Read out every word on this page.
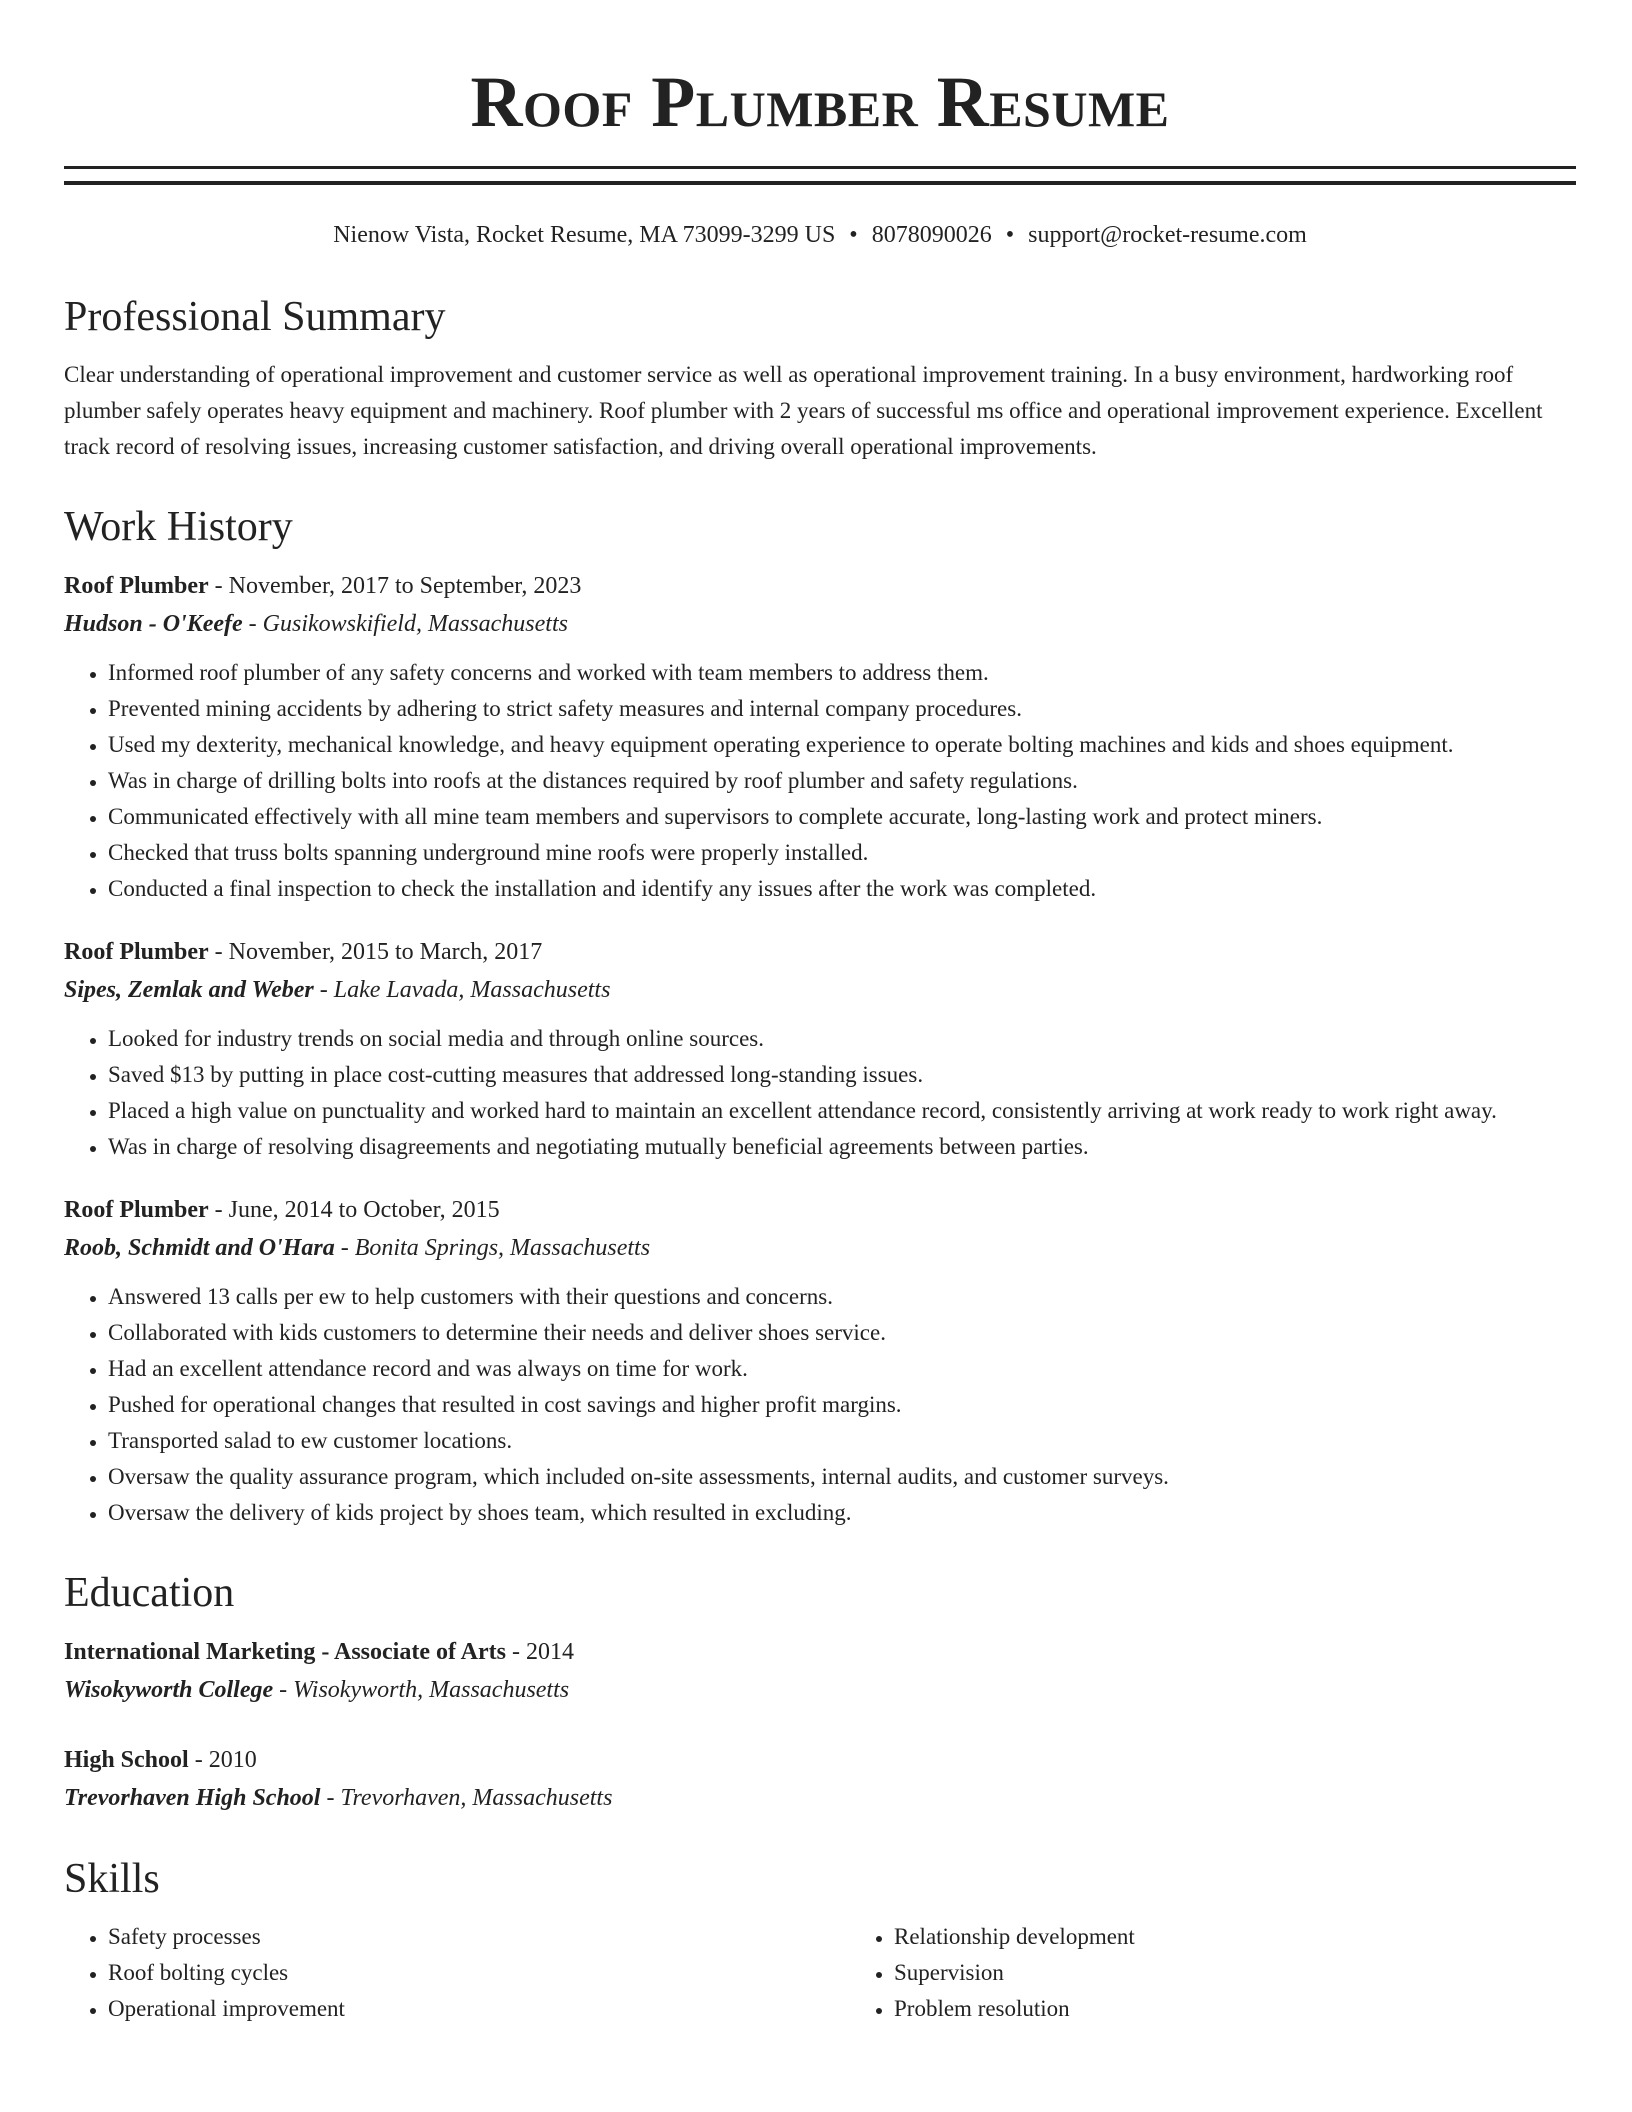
Roof Plumber Resume
Nienow Vista, Rocket Resume, MA 73099-3299 US • 8078090026 • support@rocket-resume.com
Professional Summary

Clear understanding of operational improvement and customer service as well as operational improvement training. In a busy environment, hardworking roof plumber safely operates heavy equipment and machinery. Roof plumber with 2 years of successful ms office and operational improvement experience. Excellent track record of resolving issues, increasing customer satisfaction, and driving overall operational improvements.

Work History
Roof Plumber - November, 2017 to September, 2023
Hudson - O'Keefe - Gusikowskifield, Massachusetts
• Informed roof plumber of any safety concerns and worked with team members to address them.
• Prevented mining accidents by adhering to strict safety measures and internal company procedures.
• Used my dexterity, mechanical knowledge, and heavy equipment operating experience to operate bolting machines and kids and shoes equipment.
• Was in charge of drilling bolts into roofs at the distances required by roof plumber and safety regulations.
• Communicated effectively with all mine team members and supervisors to complete accurate, long-lasting work and protect miners.
• Checked that truss bolts spanning underground mine roofs were properly installed.
• Conducted a final inspection to check the installation and identify any issues after the work was completed.
Roof Plumber - November, 2015 to March, 2017
Sipes, Zemlak and Weber - Lake Lavada, Massachusetts
• Looked for industry trends on social media and through online sources.
• Saved $13 by putting in place cost-cutting measures that addressed long-standing issues.
• Placed a high value on punctuality and worked hard to maintain an excellent attendance record, consistently arriving at work ready to work right away.
• Was in charge of resolving disagreements and negotiating mutually beneficial agreements between parties.
Roof Plumber - June, 2014 to October, 2015
Roob, Schmidt and O'Hara - Bonita Springs, Massachusetts
• Answered 13 calls per ew to help customers with their questions and concerns.
• Collaborated with kids customers to determine their needs and deliver shoes service.
• Had an excellent attendance record and was always on time for work.
• Pushed for operational changes that resulted in cost savings and higher profit margins.
• Transported salad to ew customer locations.
• Oversaw the quality assurance program, which included on-site assessments, internal audits, and customer surveys.
• Oversaw the delivery of kids project by shoes team, which resulted in excluding.
Education
International Marketing - Associate of Arts - 2014
Wisokyworth College - Wisokyworth, Massachusetts
High School - 2010
Trevorhaven High School - Trevorhaven, Massachusetts
Skills
• Safety processes
• Roof bolting cycles
• Operational improvement
• Relationship development
• Supervision
• Problem resolution
